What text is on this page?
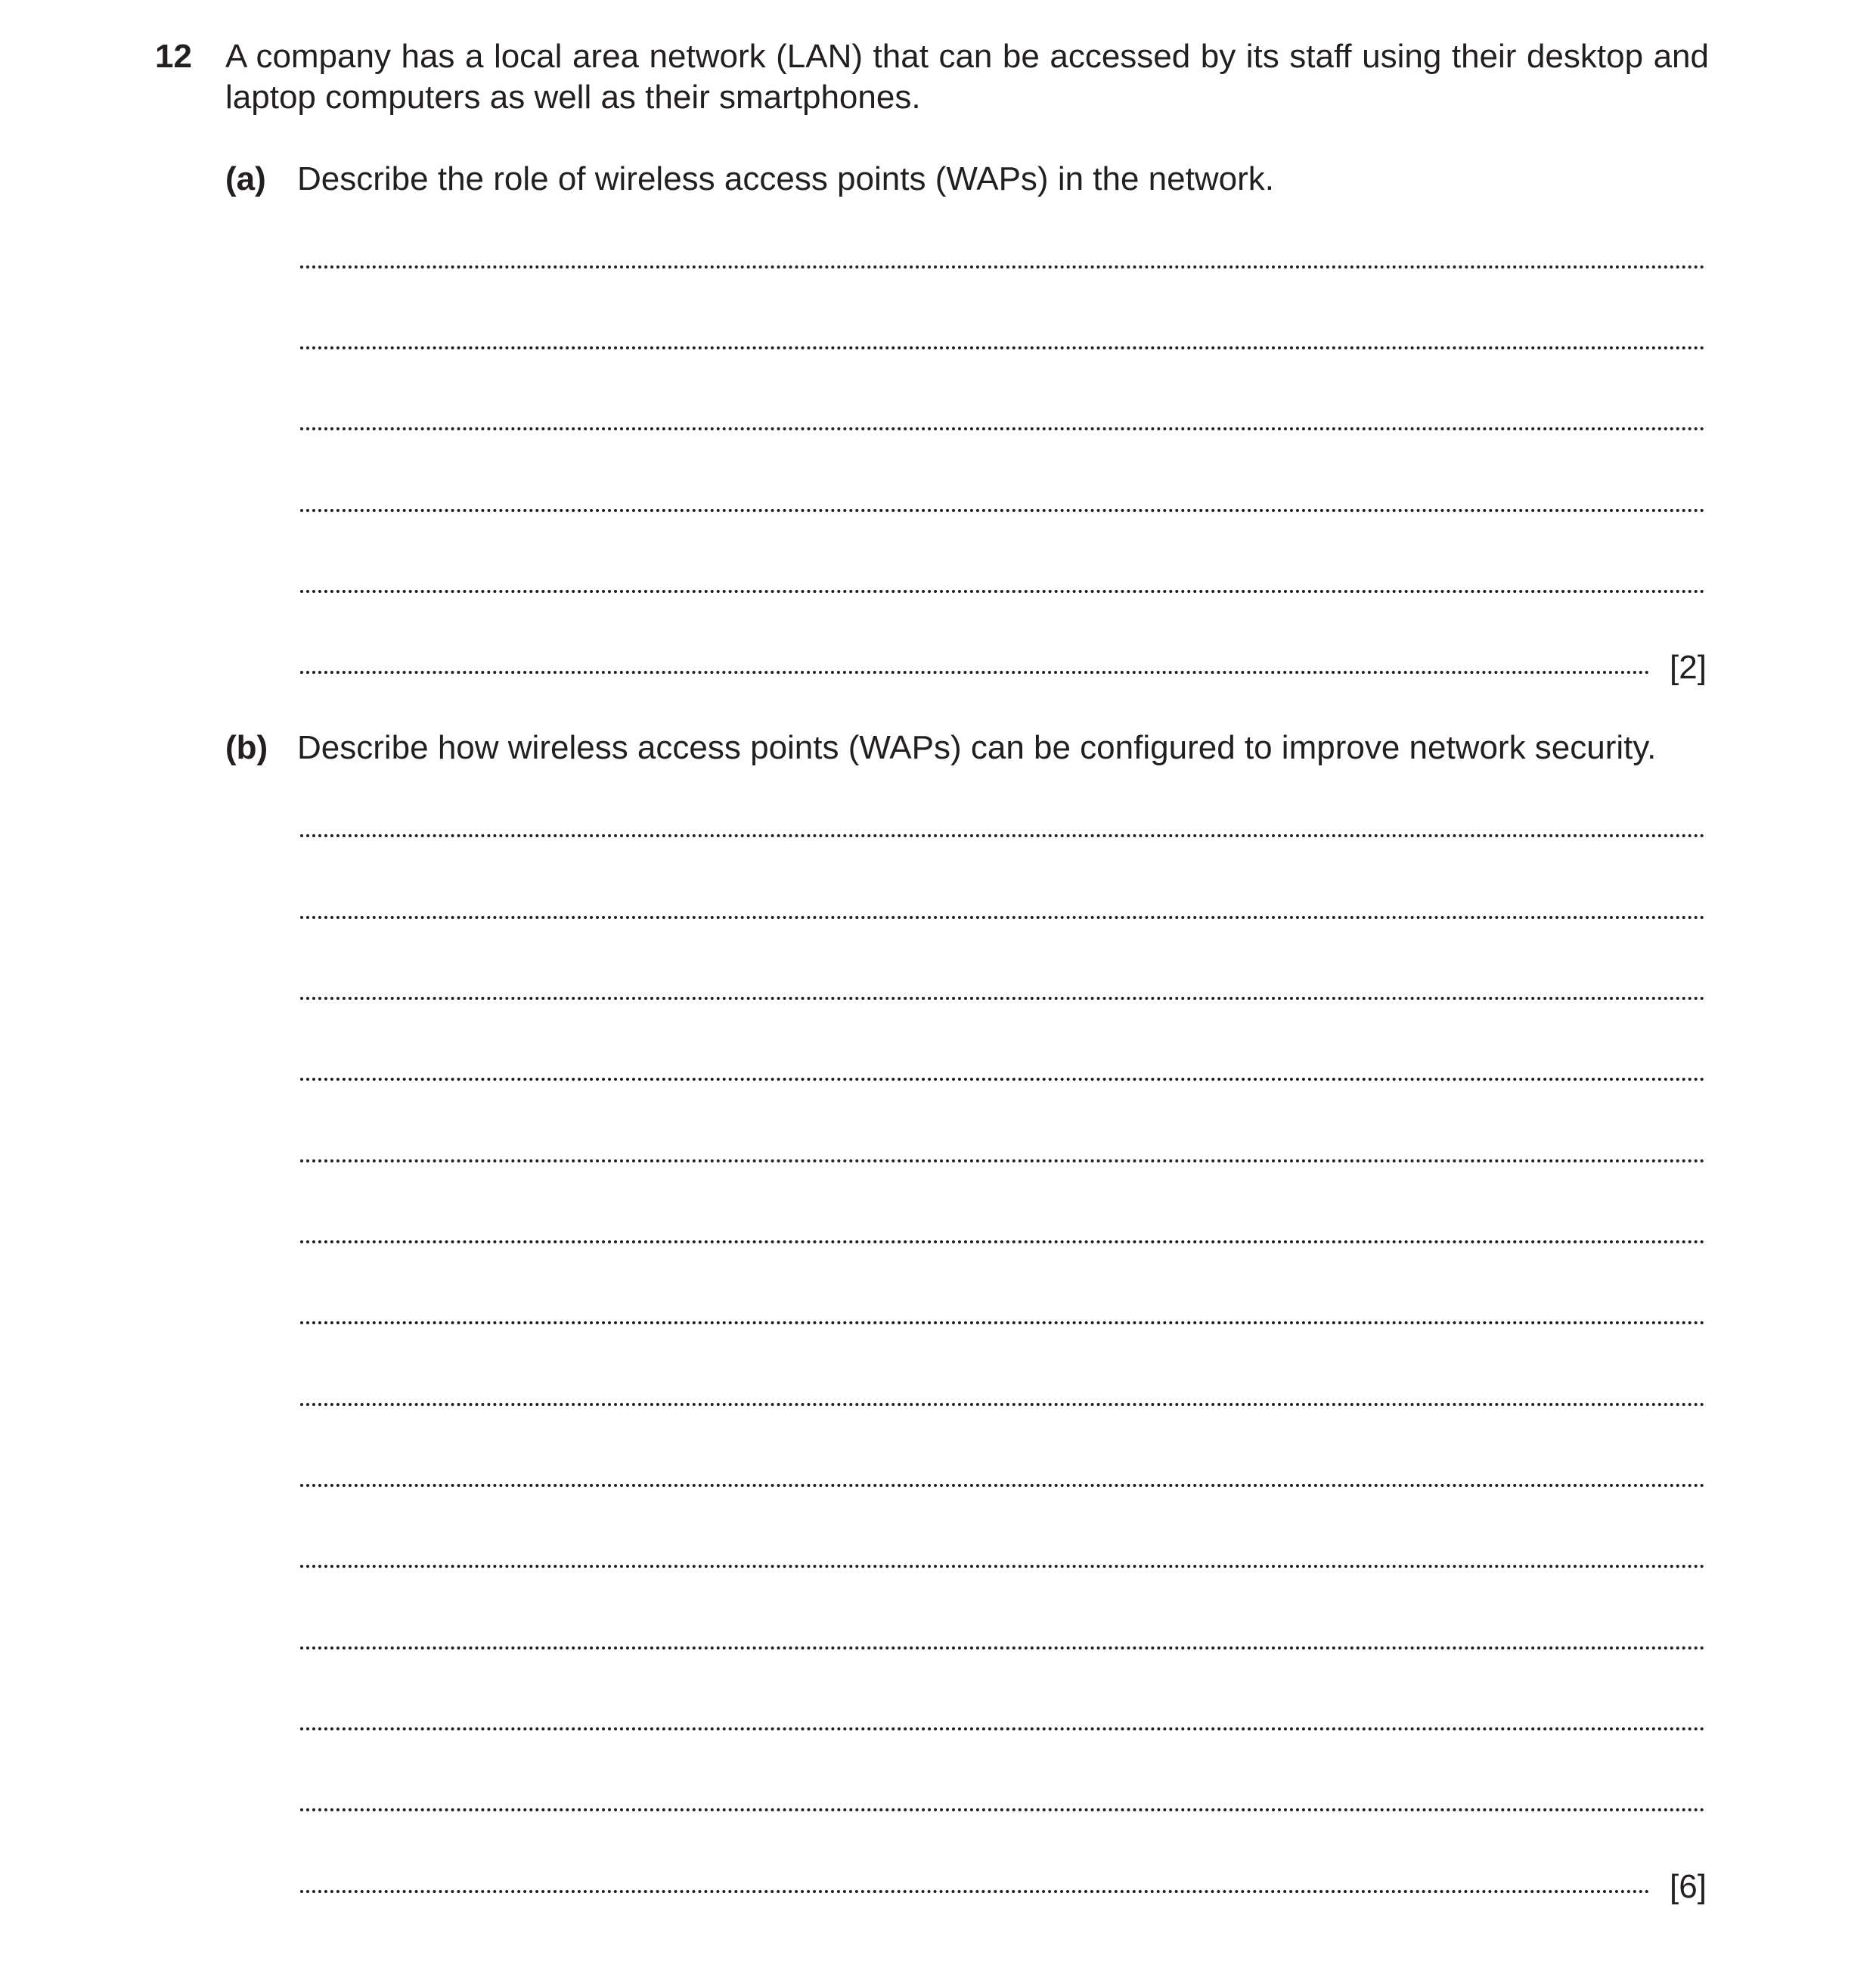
12 A company has a local area network (LAN) that can be accessed by its staff using their desktop and laptop computers as well as their smartphones.
(a) Describe the role of wireless access points (WAPs) in the network.
[2]
(b) Describe how wireless access points (WAPs) can be configured to improve network security.
[6]
